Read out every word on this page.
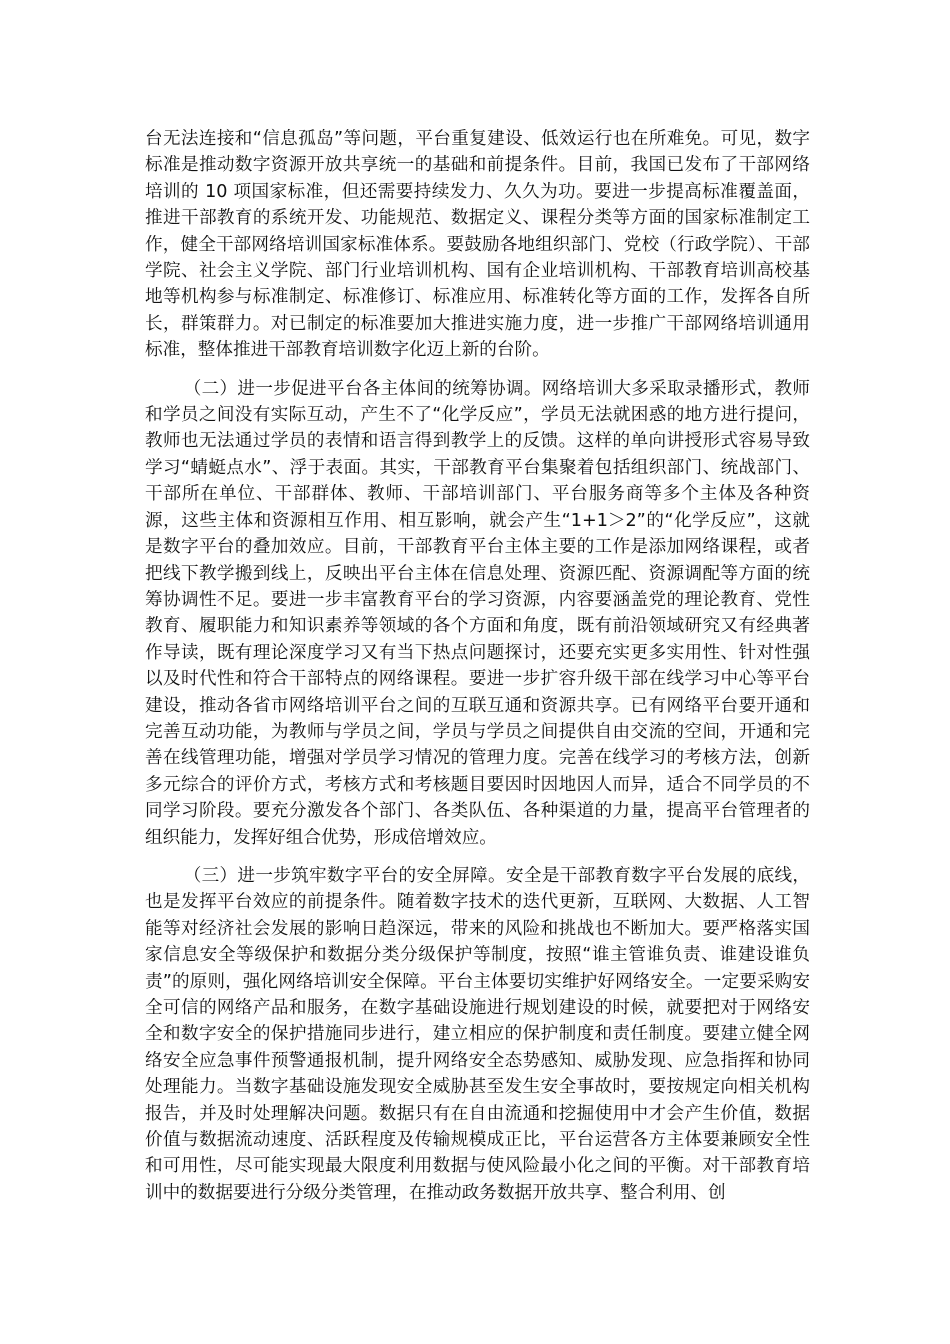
台无法连接和“信息孤岛”等问题，平台重复建设、低效运行也在所难免。可见，数字标准是推动数字资源开放共享统一的基础和前提条件。目前，我国已发布了干部网络培训的 10 项国家标准，但还需要持续发力、久久为功。要进一步提高标准覆盖面，推进干部教育的系统开发、功能规范、数据定义、课程分类等方面的国家标准制定工作，健全干部网络培训国家标准体系。要鼓励各地组织部门、党校（行政学院）、干部学院、社会主义学院、部门行业培训机构、国有企业培训机构、干部教育培训高校基地等机构参与标准制定、标准修订、标准应用、标准转化等方面的工作，发挥各自所长，群策群力。对已制定的标准要加大推进实施力度，进一步推广干部网络培训通用标准，整体推进干部教育培训数字化迈上新的台阶。

（二）进一步促进平台各主体间的统筹协调。网络培训大多采取录播形式，教师和学员之间没有实际互动，产生不了“化学反应”，学员无法就困惑的地方进行提问，教师也无法通过学员的表情和语言得到教学上的反馈。这样的单向讲授形式容易导致学习“蜻蜓点水”、浮于表面。其实，干部教育平台集聚着包括组织部门、统战部门、干部所在单位、干部群体、教师、干部培训部门、平台服务商等多个主体及各种资源，这些主体和资源相互作用、相互影响，就会产生“1+1＞2”的“化学反应”，这就是数字平台的叠加效应。目前，干部教育平台主体主要的工作是添加网络课程，或者把线下教学搬到线上，反映出平台主体在信息处理、资源匹配、资源调配等方面的统筹协调性不足。要进一步丰富教育平台的学习资源，内容要涵盖党的理论教育、党性教育、履职能力和知识素养等领域的各个方面和角度，既有前沿领域研究又有经典著作导读，既有理论深度学习又有当下热点问题探讨，还要充实更多实用性、针对性强以及时代性和符合干部特点的网络课程。要进一步扩容升级干部在线学习中心等平台建设，推动各省市网络培训平台之间的互联互通和资源共享。已有网络平台要开通和完善互动功能，为教师与学员之间，学员与学员之间提供自由交流的空间，开通和完善在线管理功能，增强对学员学习情况的管理力度。完善在线学习的考核方法，创新多元综合的评价方式，考核方式和考核题目要因时因地因人而异，适合不同学员的不同学习阶段。要充分激发各个部门、各类队伍、各种渠道的力量，提高平台管理者的组织能力，发挥好组合优势，形成倍增效应。

（三）进一步筑牢数字平台的安全屏障。安全是干部教育数字平台发展的底线，也是发挥平台效应的前提条件。随着数字技术的迭代更新，互联网、大数据、人工智能等对经济社会发展的影响日趋深远，带来的风险和挑战也不断加大。要严格落实国家信息安全等级保护和数据分类分级保护等制度，按照“谁主管谁负责、谁建设谁负责”的原则，强化网络培训安全保障。平台主体要切实维护好网络安全。一定要采购安全可信的网络产品和服务，在数字基础设施进行规划建设的时候，就要把对于网络安全和数字安全的保护措施同步进行，建立相应的保护制度和责任制度。要建立健全网络安全应急事件预警通报机制，提升网络安全态势感知、威胁发现、应急指挥和协同处理能力。当数字基础设施发现安全威胁甚至发生安全事故时，要按规定向相关机构报告，并及时处理解决问题。数据只有在自由流通和挖掘使用中才会产生价值，数据价值与数据流动速度、活跃程度及传输规模成正比，平台运营各方主体要兼顾安全性和可用性，尽可能实现最大限度利用数据与使风险最小化之间的平衡。对干部教育培训中的数据要进行分级分类管理，在推动政务数据开放共享、整合利用、创
